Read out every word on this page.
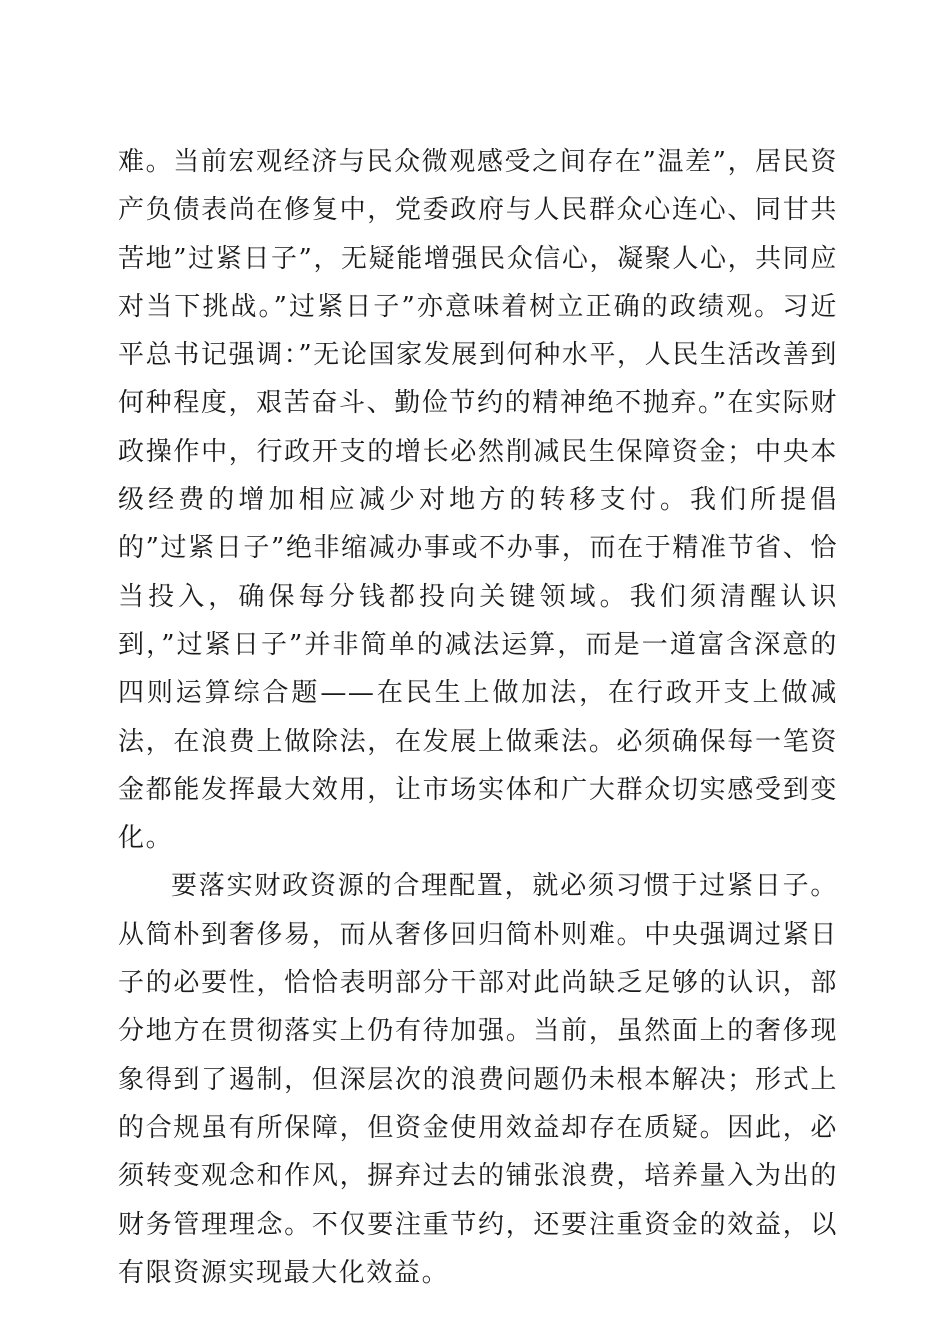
难。当前宏观经济与民众微观感受之间存在”温差”，居民资产负债表尚在修复中，党委政府与人民群众心连心、同甘共苦地”过紧日子”，无疑能增强民众信心，凝聚人心，共同应对当下挑战。”过紧日子”亦意味着树立正确的政绩观。习近平总书记强调：”无论国家发展到何种水平，人民生活改善到何种程度，艰苦奋斗、勤俭节约的精神绝不抛弃。”在实际财政操作中，行政开支的增长必然削减民生保障资金；中央本级经费的增加相应减少对地方的转移支付。我们所提倡的”过紧日子”绝非缩减办事或不办事，而在于精准节省、恰当投入，确保每分钱都投向关键领域。我们须清醒认识到，”过紧日子”并非简单的减法运算，而是一道富含深意的四则运算综合题——在民生上做加法，在行政开支上做减法，在浪费上做除法，在发展上做乘法。必须确保每一笔资金都能发挥最大效用，让市场实体和广大群众切实感受到变化。

要落实财政资源的合理配置，就必须习惯于过紧日子。从简朴到奢侈易，而从奢侈回归简朴则难。中央强调过紧日子的必要性，恰恰表明部分干部对此尚缺乏足够的认识，部分地方在贯彻落实上仍有待加强。当前，虽然面上的奢侈现象得到了遏制，但深层次的浪费问题仍未根本解决；形式上的合规虽有所保障，但资金使用效益却存在质疑。因此，必须转变观念和作风，摒弃过去的铺张浪费，培养量入为出的财务管理理念。不仅要注重节约，还要注重资金的效益，以有限资源实现最大化效益。
